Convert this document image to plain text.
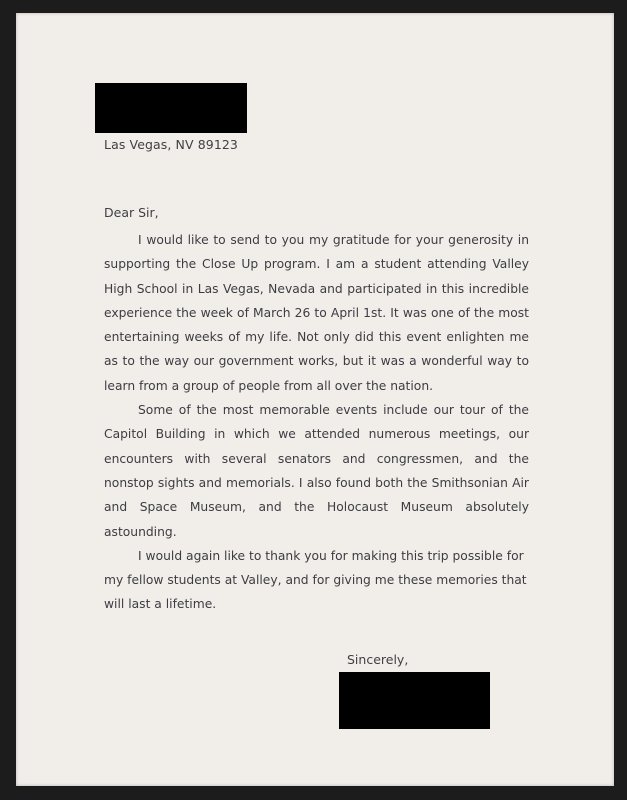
Las Vegas, NV 89123
Dear Sir,

I would like to send to you my gratitude for your generosity in supporting the Close Up program. I am a student attending Valley High School in Las Vegas, Nevada and participated in this incredible experience the week of March 26 to April 1st. It was one of the most entertaining weeks of my life. Not only did this event enlighten me as to the way our government works, but it was a wonderful way to learn from a group of people from all over the nation.

Some of the most memorable events include our tour of the Capitol Building in which we attended numerous meetings, our encounters with several senators and congressmen, and the nonstop sights and memorials. I also found both the Smithsonian Air and Space Museum, and the Holocaust Museum absolutely astounding.

I would again like to thank you for making this trip possible for my fellow students at Valley, and for giving me these memories that will last a lifetime.

Sincerely,
